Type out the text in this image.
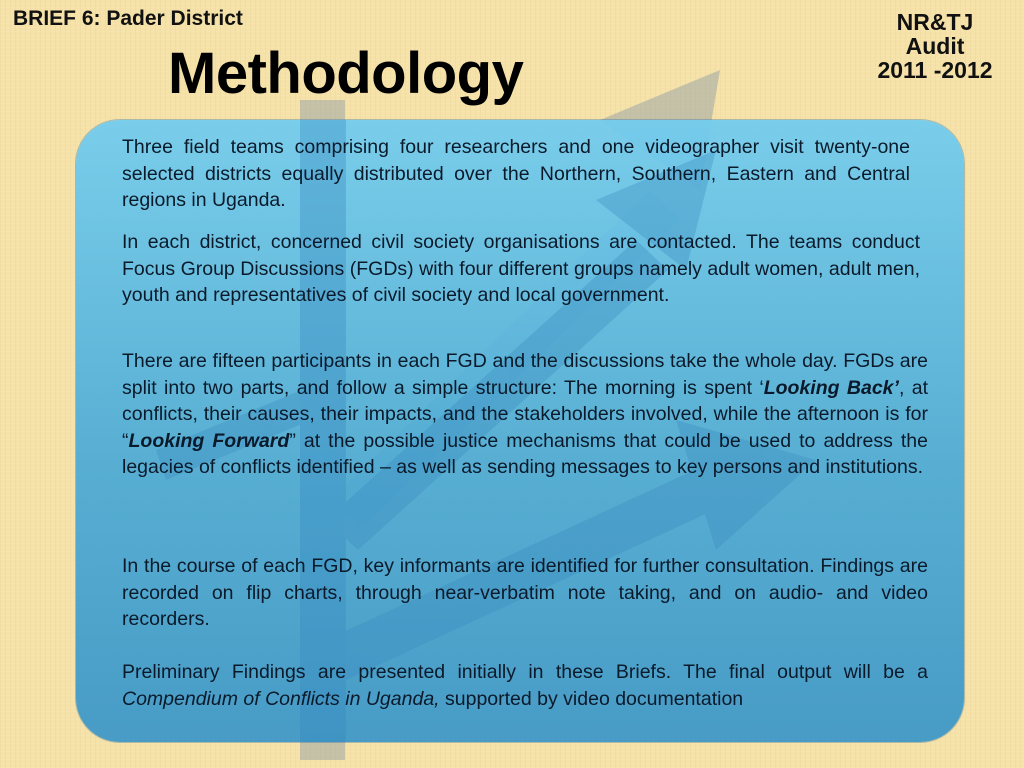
BRIEF 6: Pader District	NR&TJ
Audit
2011 -2012
Methodology

Three field teams comprising four researchers and one videographer visit twenty-one selected districts equally distributed over the Northern, Southern, Eastern and Central regions in Uganda.

In each district, concerned civil society organisations are contacted. The teams conduct Focus Group Discussions (FGDs) with four different groups namely adult women, adult men, youth and representatives of civil society and local government.

There are fifteen participants in each FGD and the discussions take the whole day. FGDs are split into two parts, and follow a simple structure: The morning is spent ‘Looking Back’, at conflicts, their causes, their impacts, and the stakeholders involved, while the afternoon is for “Looking Forward” at the possible justice mechanisms that could be used to address the legacies of conflicts identified – as well as sending messages to key persons and institutions.

In the course of each FGD, key informants are identified for further consultation. Findings are recorded on flip charts, through near-verbatim note taking, and on audio- and video recorders.

Preliminary Findings are presented initially in these Briefs. The final output will be a Compendium of Conflicts in Uganda, supported by video documentation
